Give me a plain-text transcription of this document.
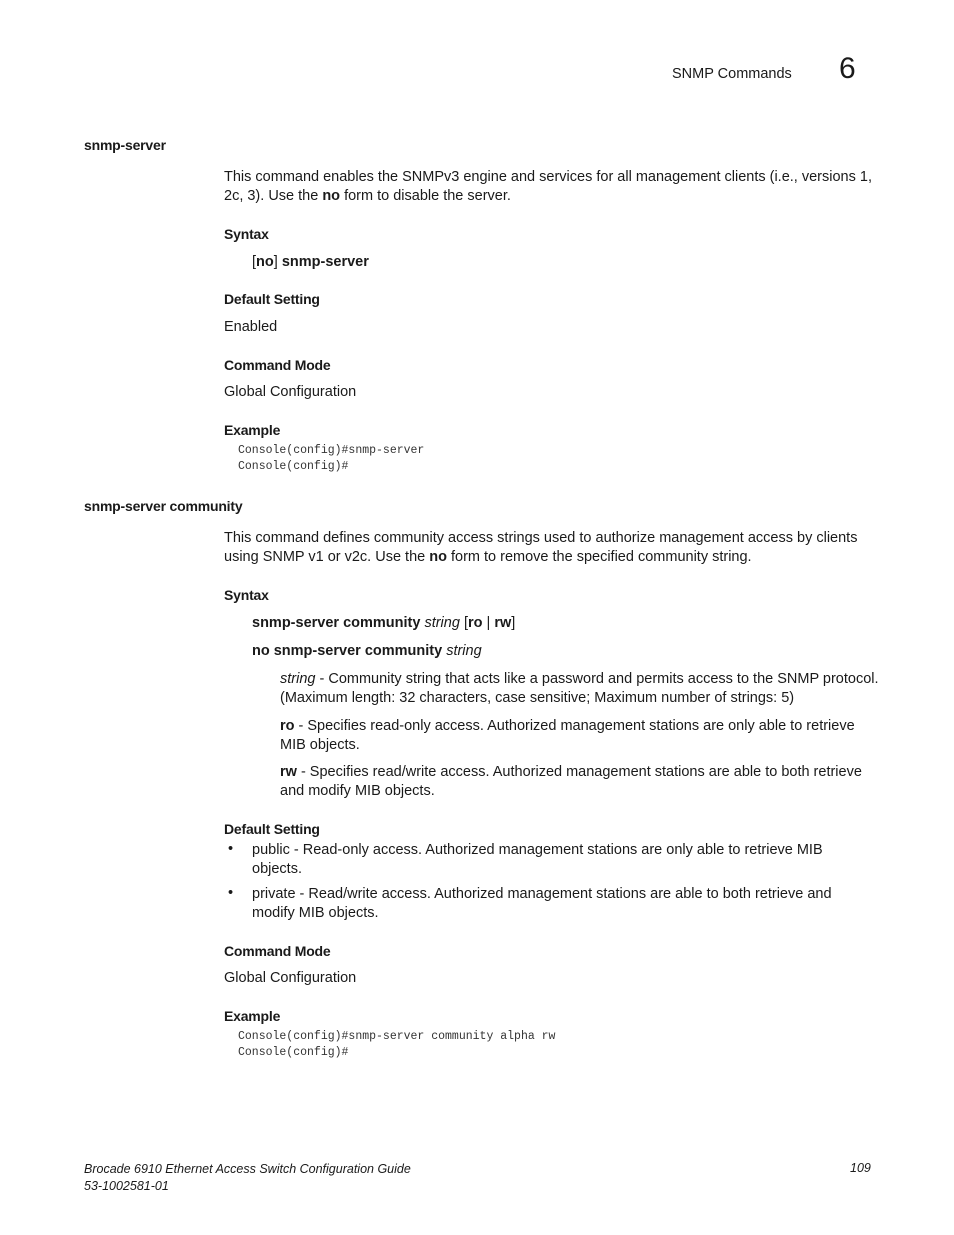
SNMP Commands 6
snmp-server
This command enables the SNMPv3 engine and services for all management clients (i.e., versions 1, 2c, 3). Use the no form to disable the server.
Syntax
[no] snmp-server
Default Setting
Enabled
Command Mode
Global Configuration
Example
Console(config)#snmp-server
Console(config)#
snmp-server community
This command defines community access strings used to authorize management access by clients using SNMP v1 or v2c. Use the no form to remove the specified community string.
Syntax
snmp-server community string [ro | rw]
no snmp-server community string
string - Community string that acts like a password and permits access to the SNMP protocol. (Maximum length: 32 characters, case sensitive; Maximum number of strings: 5)
ro - Specifies read-only access. Authorized management stations are only able to retrieve MIB objects.
rw - Specifies read/write access. Authorized management stations are able to both retrieve and modify MIB objects.
Default Setting
• public - Read-only access. Authorized management stations are only able to retrieve MIB objects.
• private - Read/write access. Authorized management stations are able to both retrieve and modify MIB objects.
Command Mode
Global Configuration
Example
Console(config)#snmp-server community alpha rw
Console(config)#
Brocade 6910 Ethernet Access Switch Configuration Guide
53-1002581-01
109
